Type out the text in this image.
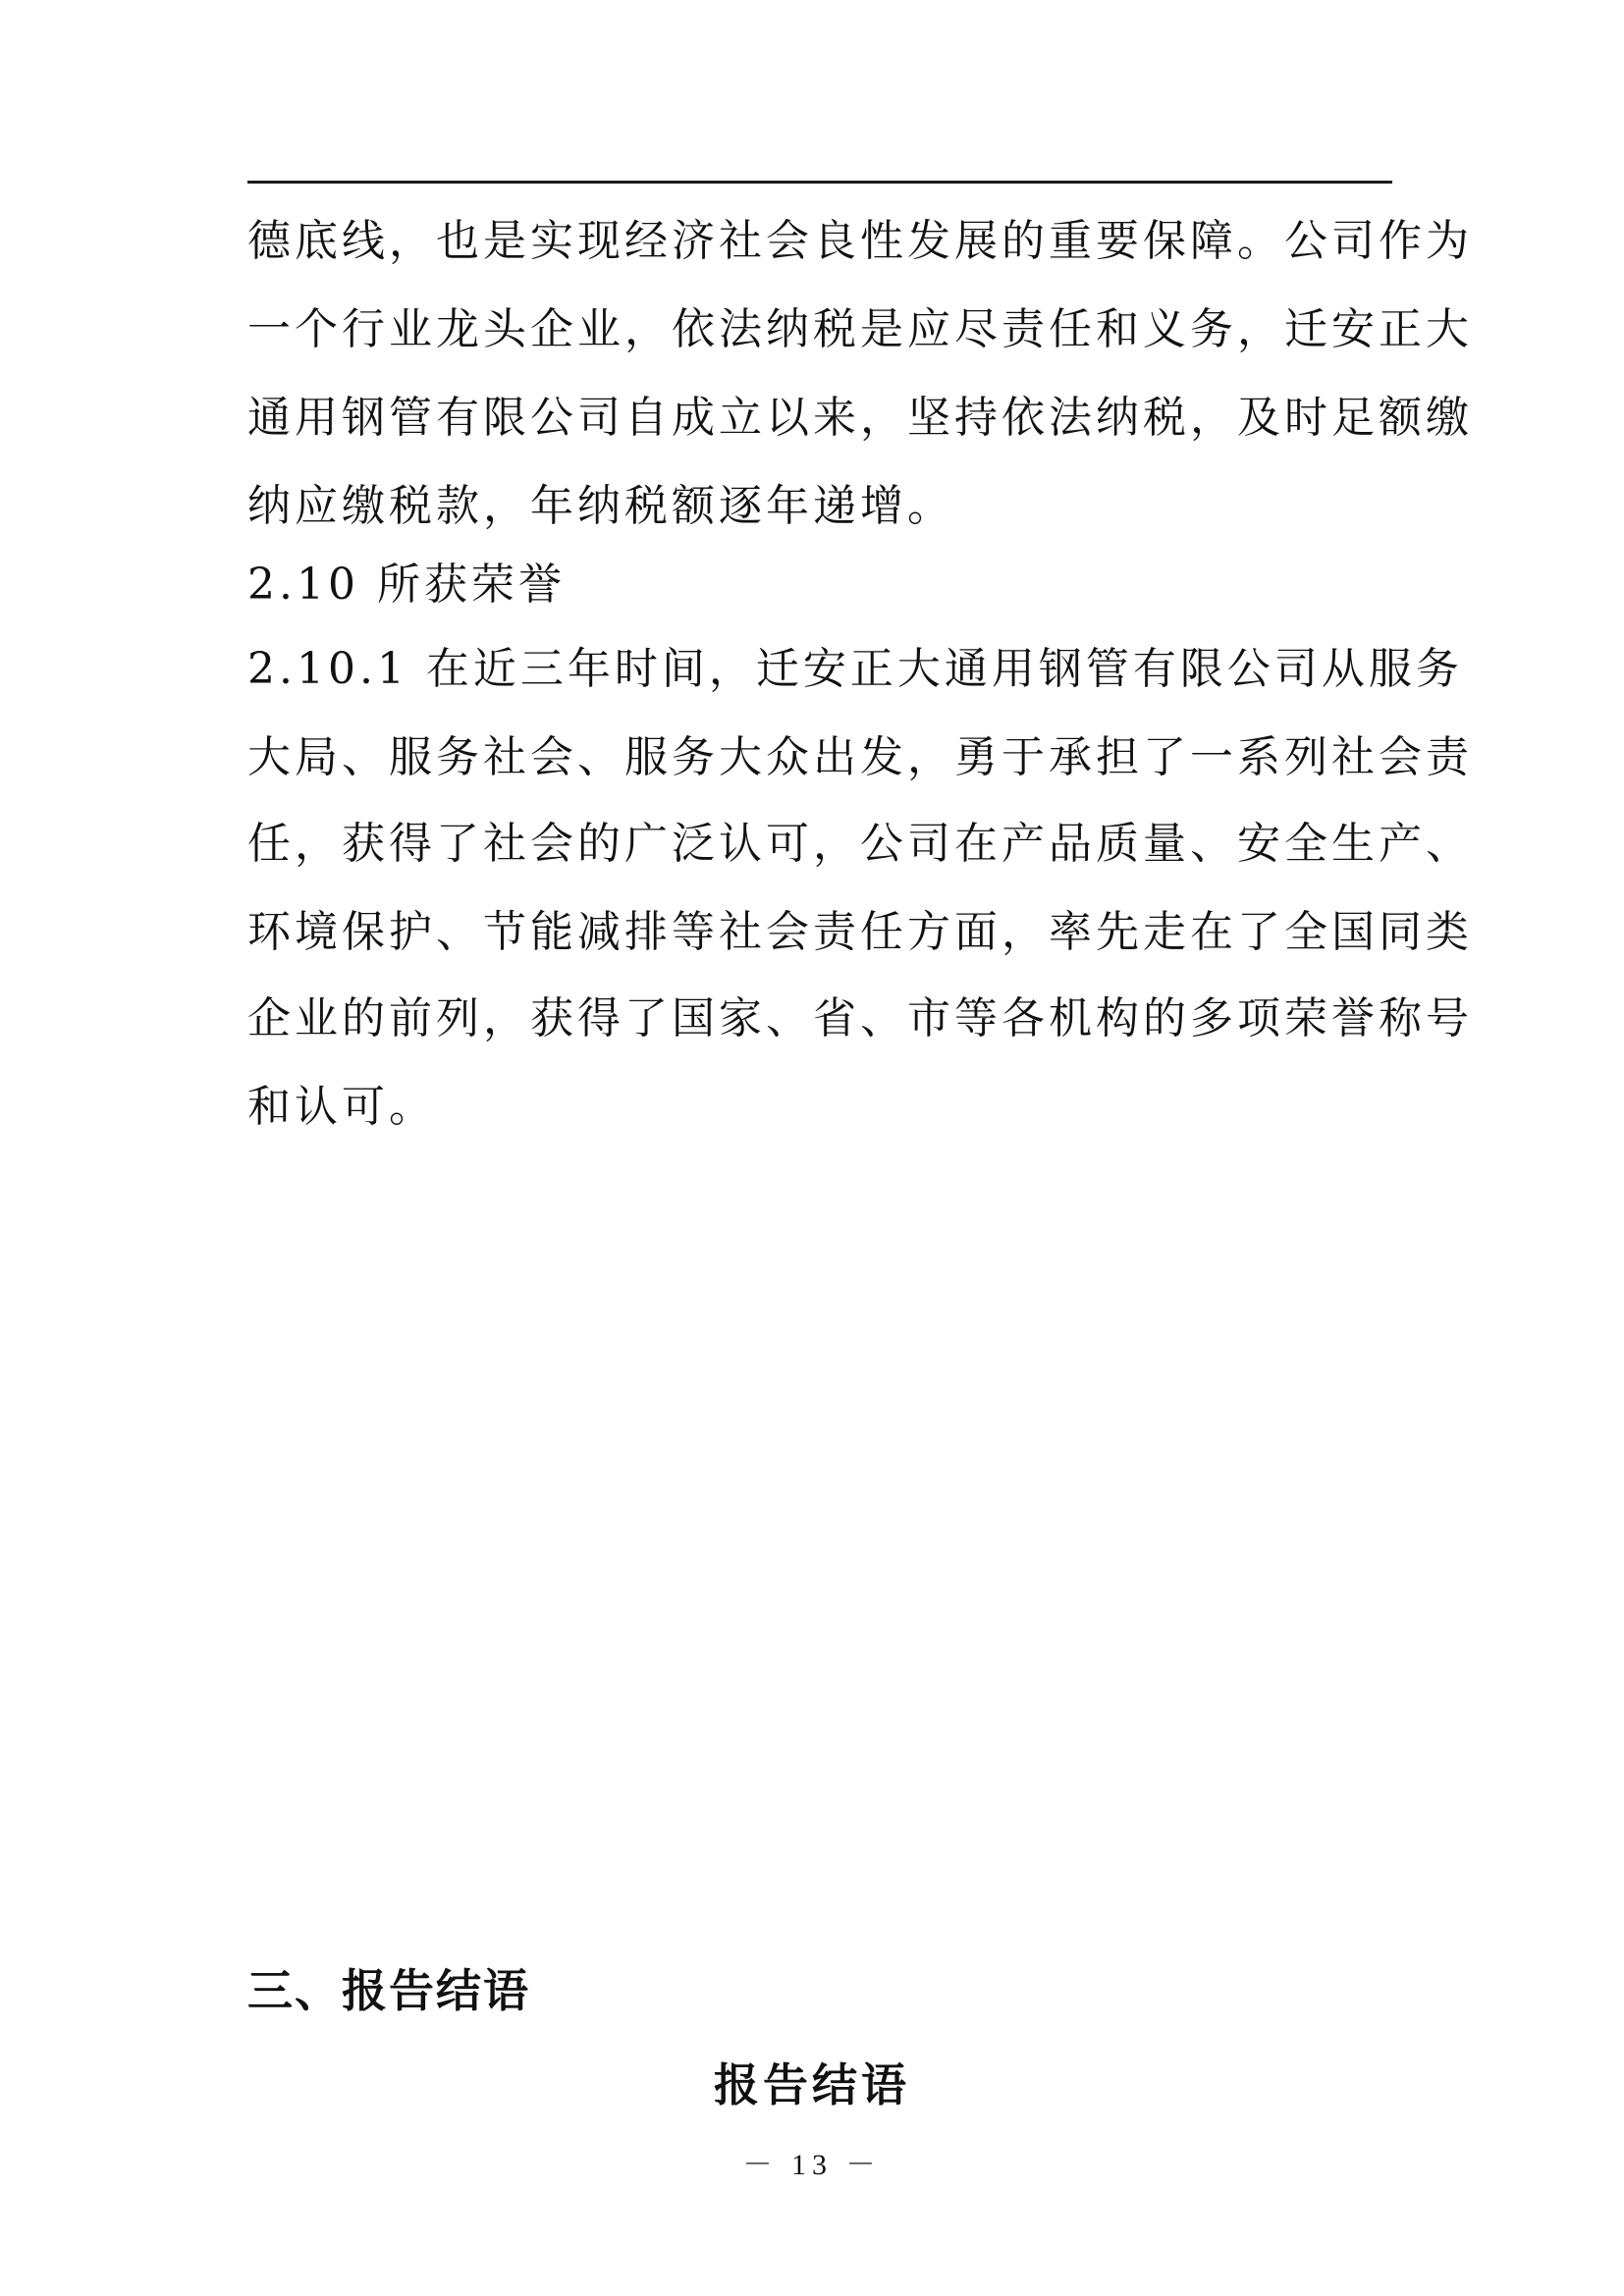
德底线，也是实现经济社会良性发展的重要保障。公司作为
一个行业龙头企业，依法纳税是应尽责任和义务，迁安正大
通用钢管有限公司自成立以来，坚持依法纳税，及时足额缴
纳应缴税款，年纳税额逐年递增。
2.10 所获荣誉
2.10.1 在近三年时间，迁安正大通用钢管有限公司从服务
大局、服务社会、服务大众出发，勇于承担了一系列社会责
任，获得了社会的广泛认可，公司在产品质量、安全生产、
环境保护、节能减排等社会责任方面，率先走在了全国同类
企业的前列，获得了国家、省、市等各机构的多项荣誉称号
和认可。
三、报告结语
报告结语
－ 13 －
